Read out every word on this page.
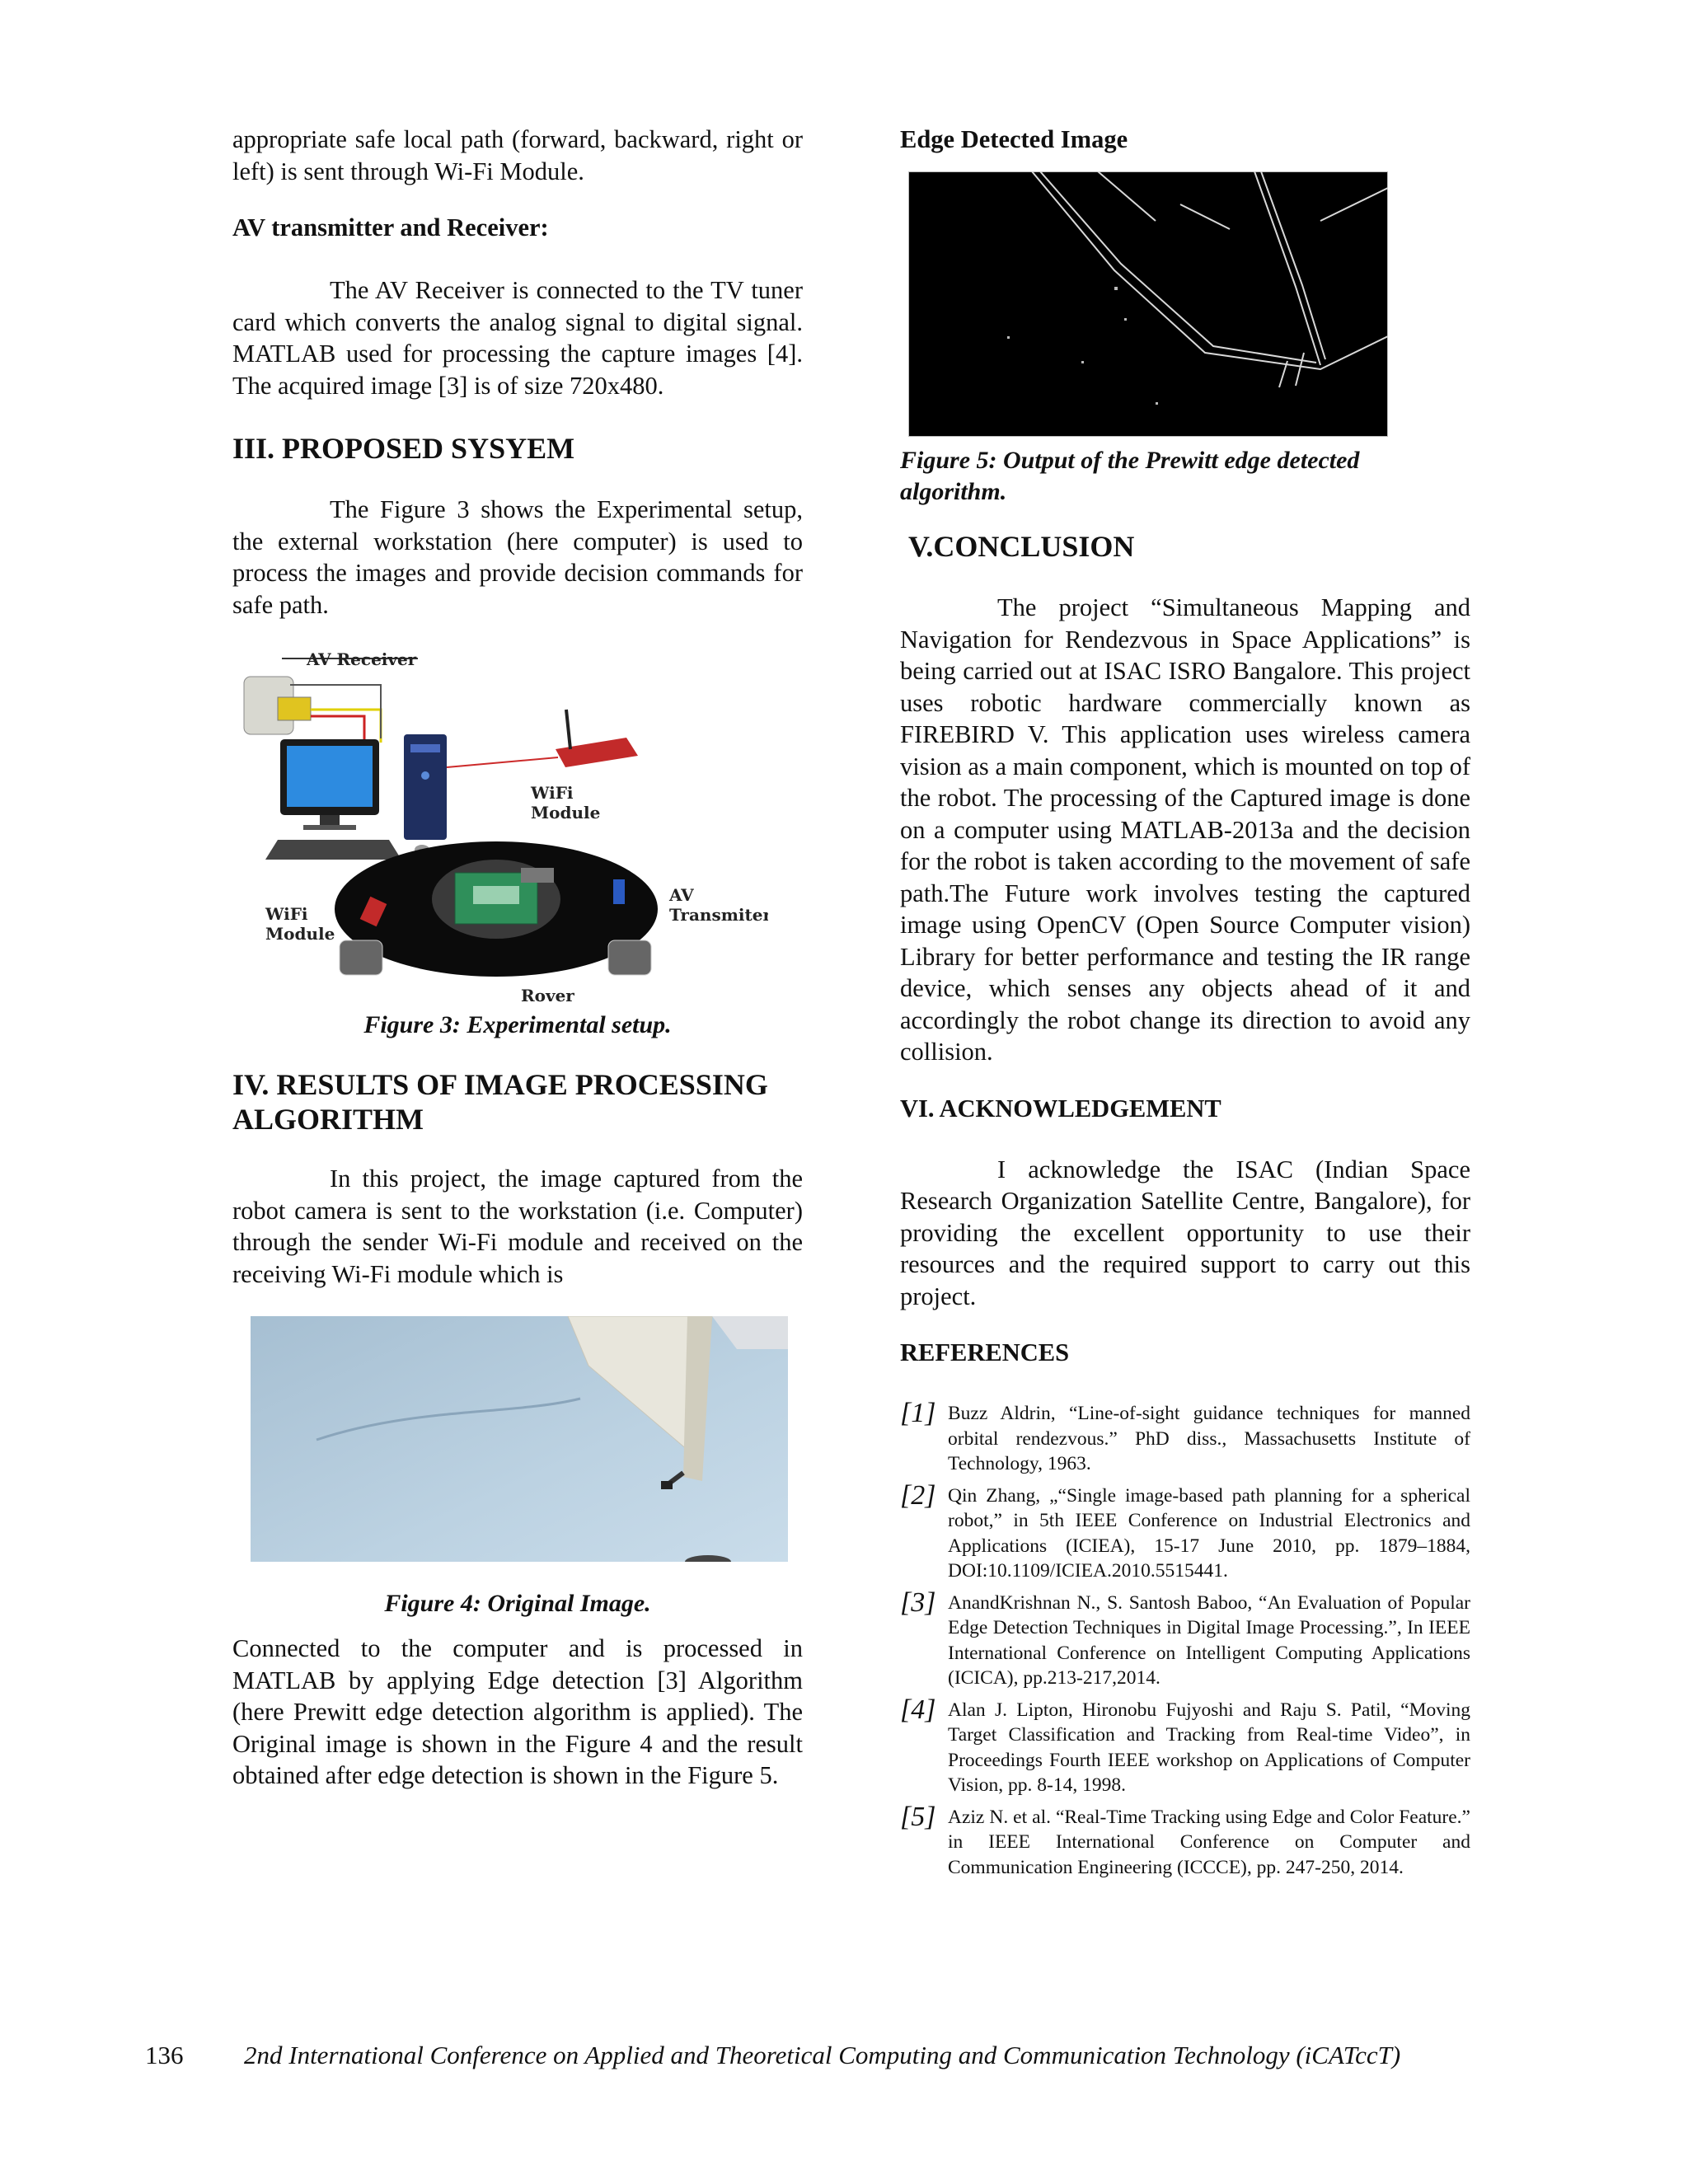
appropriate safe local path (forward, backward, right or left) is sent through Wi-Fi Module.

AV transmitter and Receiver:

The AV Receiver is connected to the TV tuner card which converts the analog signal to digital signal. MATLAB used for processing the capture images [4]. The acquired image [3] is of size 720x480.

III. PROPOSED SYSYEM

The Figure 3 shows the Experimental setup, the external workstation (here computer) is used to process the images and provide decision commands for safe path.

AV Receiver
WiFi
Module
WiFi
Module
AV
Transmiter
Rover

Figure 3: Experimental setup.

IV. RESULTS OF IMAGE PROCESSING ALGORITHM

In this project, the image captured from the robot camera is sent to the workstation (i.e. Computer) through the sender Wi-Fi module and received on the receiving Wi-Fi module which is

Figure 4: Original Image.

Connected to the computer and is processed in MATLAB by applying Edge detection [3] Algorithm (here Prewitt edge detection algorithm is applied). The Original image is shown in the Figure 4 and the result obtained after edge detection is shown in the Figure 5.

Edge Detected Image

Figure 5: Output of the Prewitt edge detected algorithm.

V.CONCLUSION

The project “Simultaneous Mapping and Navigation for Rendezvous in Space Applications” is being carried out at ISAC ISRO Bangalore. This project uses robotic hardware commercially known as FIREBIRD V. This application uses wireless camera vision as a main component, which is mounted on top of the robot. The processing of the Captured image is done on a computer using MATLAB-2013a and the decision for the robot is taken according to the movement of safe path.The Future work involves testing the captured image using OpenCV (Open Source Computer vision) Library for better performance and testing the IR range device, which senses any objects ahead of it and accordingly the robot change its direction to avoid any collision.

VI. ACKNOWLEDGEMENT

I acknowledge the ISAC (Indian Space Research Organization Satellite Centre, Bangalore), for providing the excellent opportunity to use their resources and the required support to carry out this project.

REFERENCES
[1] Buzz Aldrin, “Line-of-sight guidance techniques for manned orbital rendezvous.” PhD diss., Massachusetts Institute of Technology, 1963.
[2] Qin Zhang, „“Single image-based path planning for a spherical robot,” in 5th IEEE Conference on Industrial Electronics and Applications (ICIEA), 15-17 June 2010, pp. 1879–1884, DOI:10.1109/ICIEA.2010.5515441.
[3] AnandKrishnan N., S. Santosh Baboo, “An Evaluation of Popular Edge Detection Techniques in Digital Image Processing.”, In IEEE International Conference on Intelligent Computing Applications (ICICA), pp.213-217,2014.
[4] Alan J. Lipton, Hironobu Fujyoshi and Raju S. Patil, “Moving Target Classification and Tracking from Real-time Video”, in Proceedings Fourth IEEE workshop on Applications of Computer Vision, pp. 8-14, 1998.
[5] Aziz N. et al. “Real-Time Tracking using Edge and Color Feature.” in IEEE International Conference on Computer and Communication Engineering (ICCCE), pp. 247-250, 2014.
136 2nd International Conference on Applied and Theoretical Computing and Communication Technology (iCATccT)
